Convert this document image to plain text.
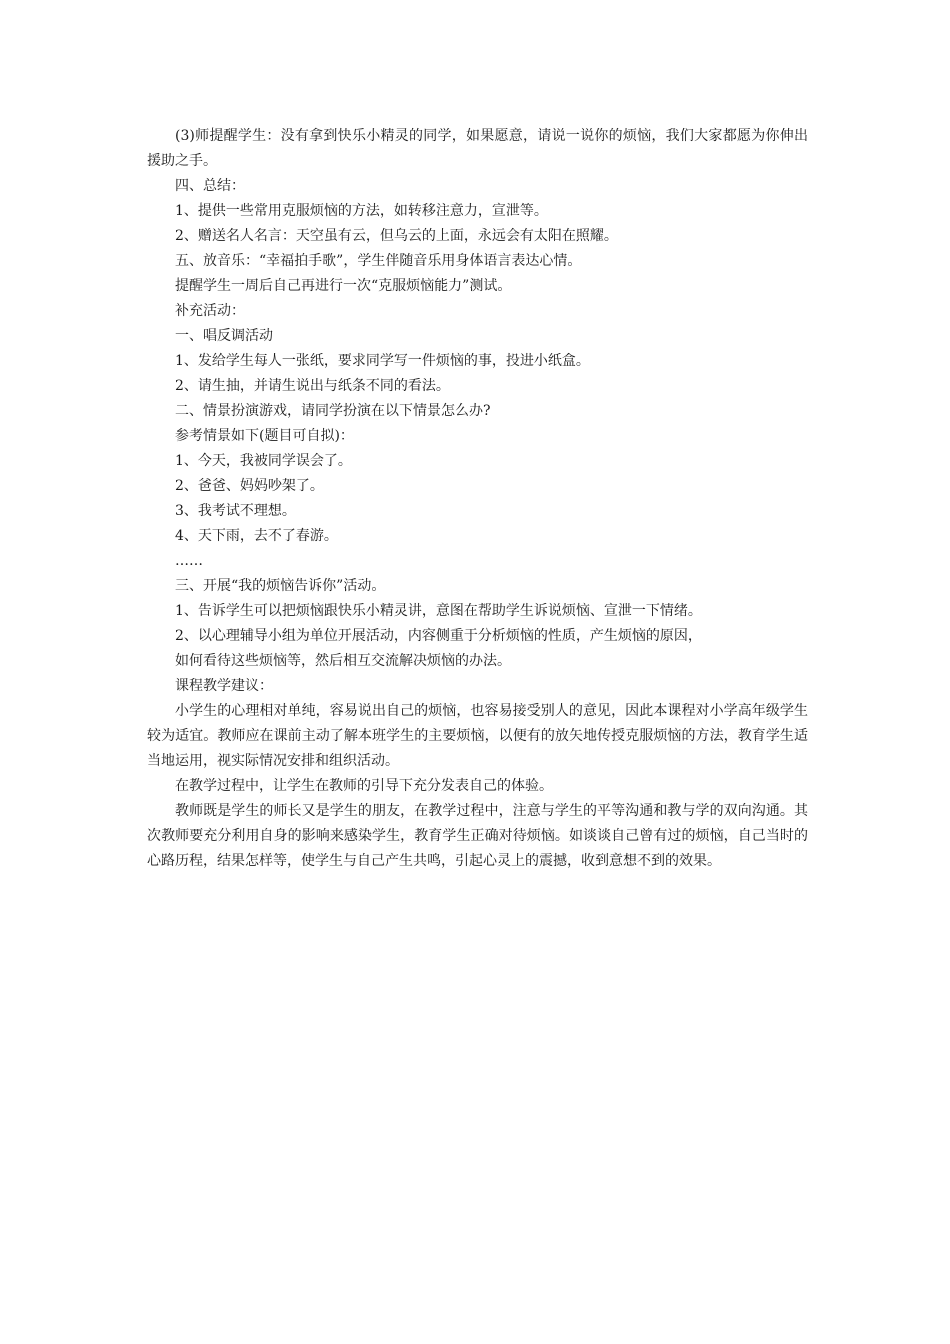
(3)师提醒学生：没有拿到快乐小精灵的同学，如果愿意，请说一说你的烦恼，我们大家都愿为你伸出援助之手。

四、总结：

1、提供一些常用克服烦恼的方法，如转移注意力，宣泄等。

2、赠送名人名言：天空虽有云，但乌云的上面，永远会有太阳在照耀。

五、放音乐：“幸福拍手歌”，学生伴随音乐用身体语言表达心情。

提醒学生一周后自己再进行一次“克服烦恼能力”测试。

补充活动：

一、唱反调活动

1、发给学生每人一张纸，要求同学写一件烦恼的事，投进小纸盒。

2、请生抽，并请生说出与纸条不同的看法。

二、情景扮演游戏，请同学扮演在以下情景怎么办?

参考情景如下(题目可自拟)：

1、今天，我被同学误会了。

2、爸爸、妈妈吵架了。

3、我考试不理想。

4、天下雨，去不了春游。

……

三、开展“我的烦恼告诉你”活动。

1、告诉学生可以把烦恼跟快乐小精灵讲，意图在帮助学生诉说烦恼、宣泄一下情绪。

2、以心理辅导小组为单位开展活动，内容侧重于分析烦恼的性质，产生烦恼的原因，

如何看待这些烦恼等，然后相互交流解决烦恼的办法。

课程教学建议：

小学生的心理相对单纯，容易说出自己的烦恼，也容易接受别人的意见，因此本课程对小学高年级学生较为适宜。教师应在课前主动了解本班学生的主要烦恼，以便有的放矢地传授克服烦恼的方法，教育学生适当地运用，视实际情况安排和组织活动。

在教学过程中，让学生在教师的引导下充分发表自己的体验。

教师既是学生的师长又是学生的朋友，在教学过程中，注意与学生的平等沟通和教与学的双向沟通。其次教师要充分利用自身的影响来感染学生，教育学生正确对待烦恼。如谈谈自己曾有过的烦恼，自己当时的心路历程，结果怎样等，使学生与自己产生共鸣，引起心灵上的震撼，收到意想不到的效果。
